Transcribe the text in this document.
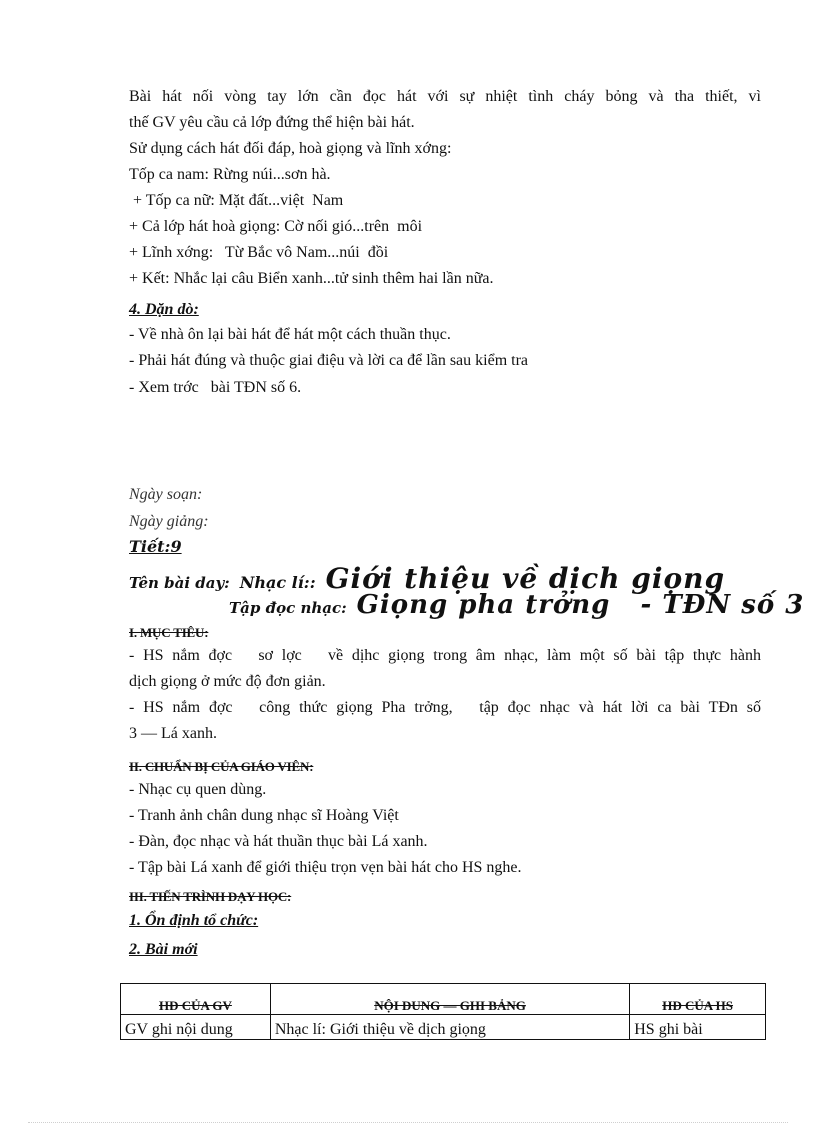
Bài hát nối vòng tay lớn cần đọc hát với sự nhiệt tình cháy bỏng và tha thiết, vì
thế GV yêu cầu cả lớp đứng thể hiện bài hát.
Sử dụng cách hát đối đáp, hoà giọng và lĩnh xớng:
Tốp ca nam: Rừng núi...sơn hà.
+ Tốp ca nữ: Mặt đất...việt  Nam
+ Cả lớp hát hoà giọng: Cờ nối gió...trên  môi
+ Lĩnh xớng:   Từ Bắc vô Nam...núi  đồi
+ Kết: Nhắc lại câu Biển xanh...tử sinh thêm hai lần nữa.
4. Dặn dò:
- Về nhà ôn lại bài hát để hát một cách thuần thục.
- Phải hát đúng và thuộc giai điệu và lời ca để lần sau kiểm tra
- Xem trớc   bài TĐN số 6.
Ngày soạn:
Ngày giảng:
Tiết:9
Tên bài day: Nhạc lí:: Giới thiệu về dịch giọng
Tập đọc nhạc: Giọng pha trởng   - TĐN số 3
I. MỤC TIÊU:
- HS nắm đợc   sơ lợc   về dịhc giọng trong âm nhạc, làm một số bài tập thực hành
dịch giọng ở mức độ đơn giản.
- HS nắm đợc   công thức giọng Pha trởng,   tập đọc nhạc và hát lời ca bài TĐn số
3 — Lá xanh.
II. CHUẨN BỊ CỦA GIÁO VIÊN:
- Nhạc cụ quen dùng.
- Tranh ảnh chân dung nhạc sĩ Hoàng Việt
- Đàn, đọc nhạc và hát thuần thục bài Lá xanh.
- Tập bài Lá xanh để giới thiệu trọn vẹn bài hát cho HS nghe.
III. TIẾN TRÌNH DẠY HỌC:
1. Ổn định tổ chức:
2. Bài mới
HĐ CỦA GV	NỘI DUNG — GHI BẢNG	HĐ CỦA HS
GV ghi nội dung	Nhạc lí: Giới thiệu về dịch giọng	HS ghi bài
